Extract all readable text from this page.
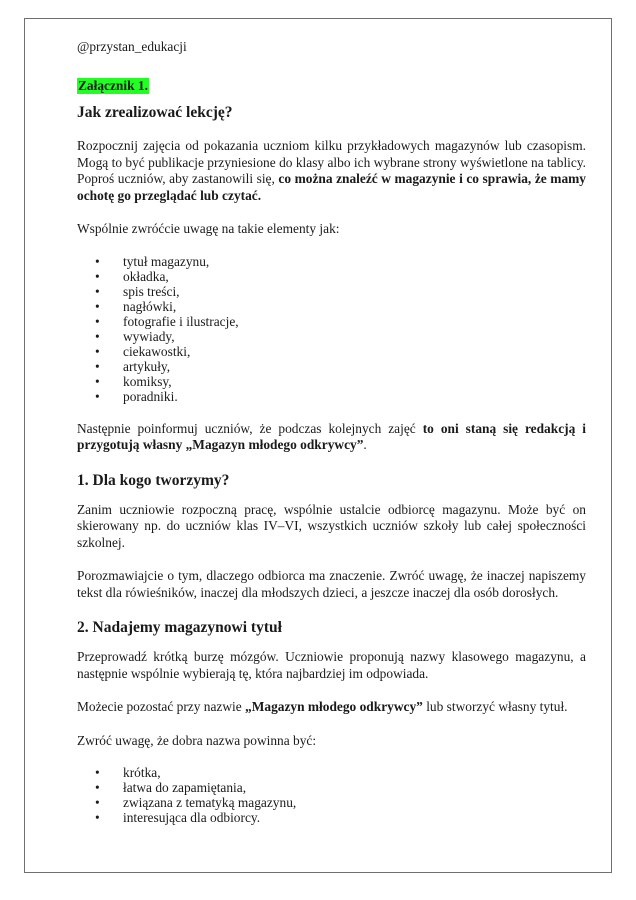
@przystan_edukacji
Załącznik 1.
Jak zrealizować lekcję?

Rozpocznij zajęcia od pokazania uczniom kilku przykładowych magazynów lub czasopism. Mogą to być publikacje przyniesione do klasy albo ich wybrane strony wyświetlone na tablicy. Poproś uczniów, aby zastanowili się, co można znaleźć w magazynie i co sprawia, że mamy ochotę go przeglądać lub czytać.

Wspólnie zwróćcie uwagę na takie elementy jak:

• tytuł magazynu,
• okładka,
• spis treści,
• nagłówki,
• fotografie i ilustracje,
• wywiady,
• ciekawostki,
• artykuły,
• komiksy,
• poradniki.

Następnie poinformuj uczniów, że podczas kolejnych zajęć to oni staną się redakcją i przygotują własny „Magazyn młodego odkrywcy”.

1. Dla kogo tworzymy?

Zanim uczniowie rozpoczną pracę, wspólnie ustalcie odbiorcę magazynu. Może być on skierowany np. do uczniów klas IV–VI, wszystkich uczniów szkoły lub całej społeczności szkolnej.

Porozmawiajcie o tym, dlaczego odbiorca ma znaczenie. Zwróć uwagę, że inaczej napiszemy tekst dla rówieśników, inaczej dla młodszych dzieci, a jeszcze inaczej dla osób dorosłych.

2. Nadajemy magazynowi tytuł

Przeprowadź krótką burzę mózgów. Uczniowie proponują nazwy klasowego magazynu, a następnie wspólnie wybierają tę, która najbardziej im odpowiada.

Możecie pozostać przy nazwie „Magazyn młodego odkrywcy” lub stworzyć własny tytuł.

Zwróć uwagę, że dobra nazwa powinna być:

• krótka,
• łatwa do zapamiętania,
• związana z tematyką magazynu,
• interesująca dla odbiorcy.
